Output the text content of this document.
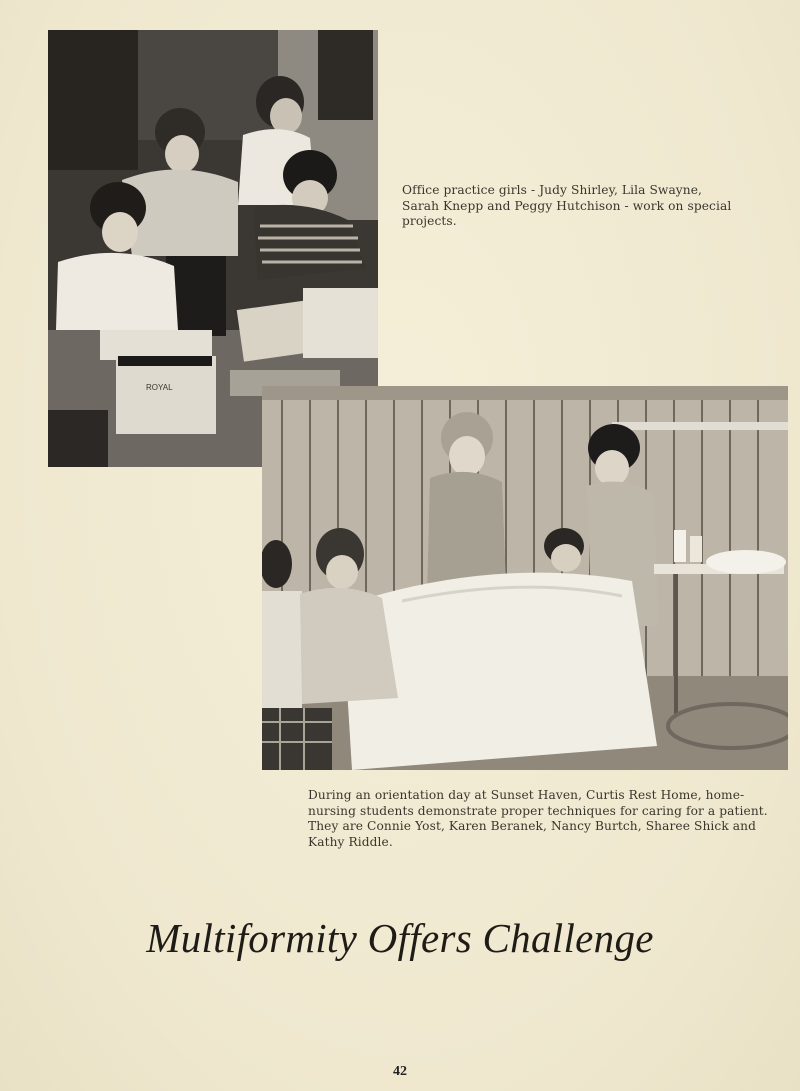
ROYAL
Office practice girls - Judy Shirley, Lila Swayne, Sarah Knepp and Peggy Hutchison - work on special projects.
During an orientation day at Sunset Haven, Curtis Rest Home, home-nursing students demonstrate proper techniques for caring for a patient. They are Connie Yost, Karen Beranek, Nancy Burtch, Sharee Shick and Kathy Riddle.
Multiformity Offers Challenge
42
